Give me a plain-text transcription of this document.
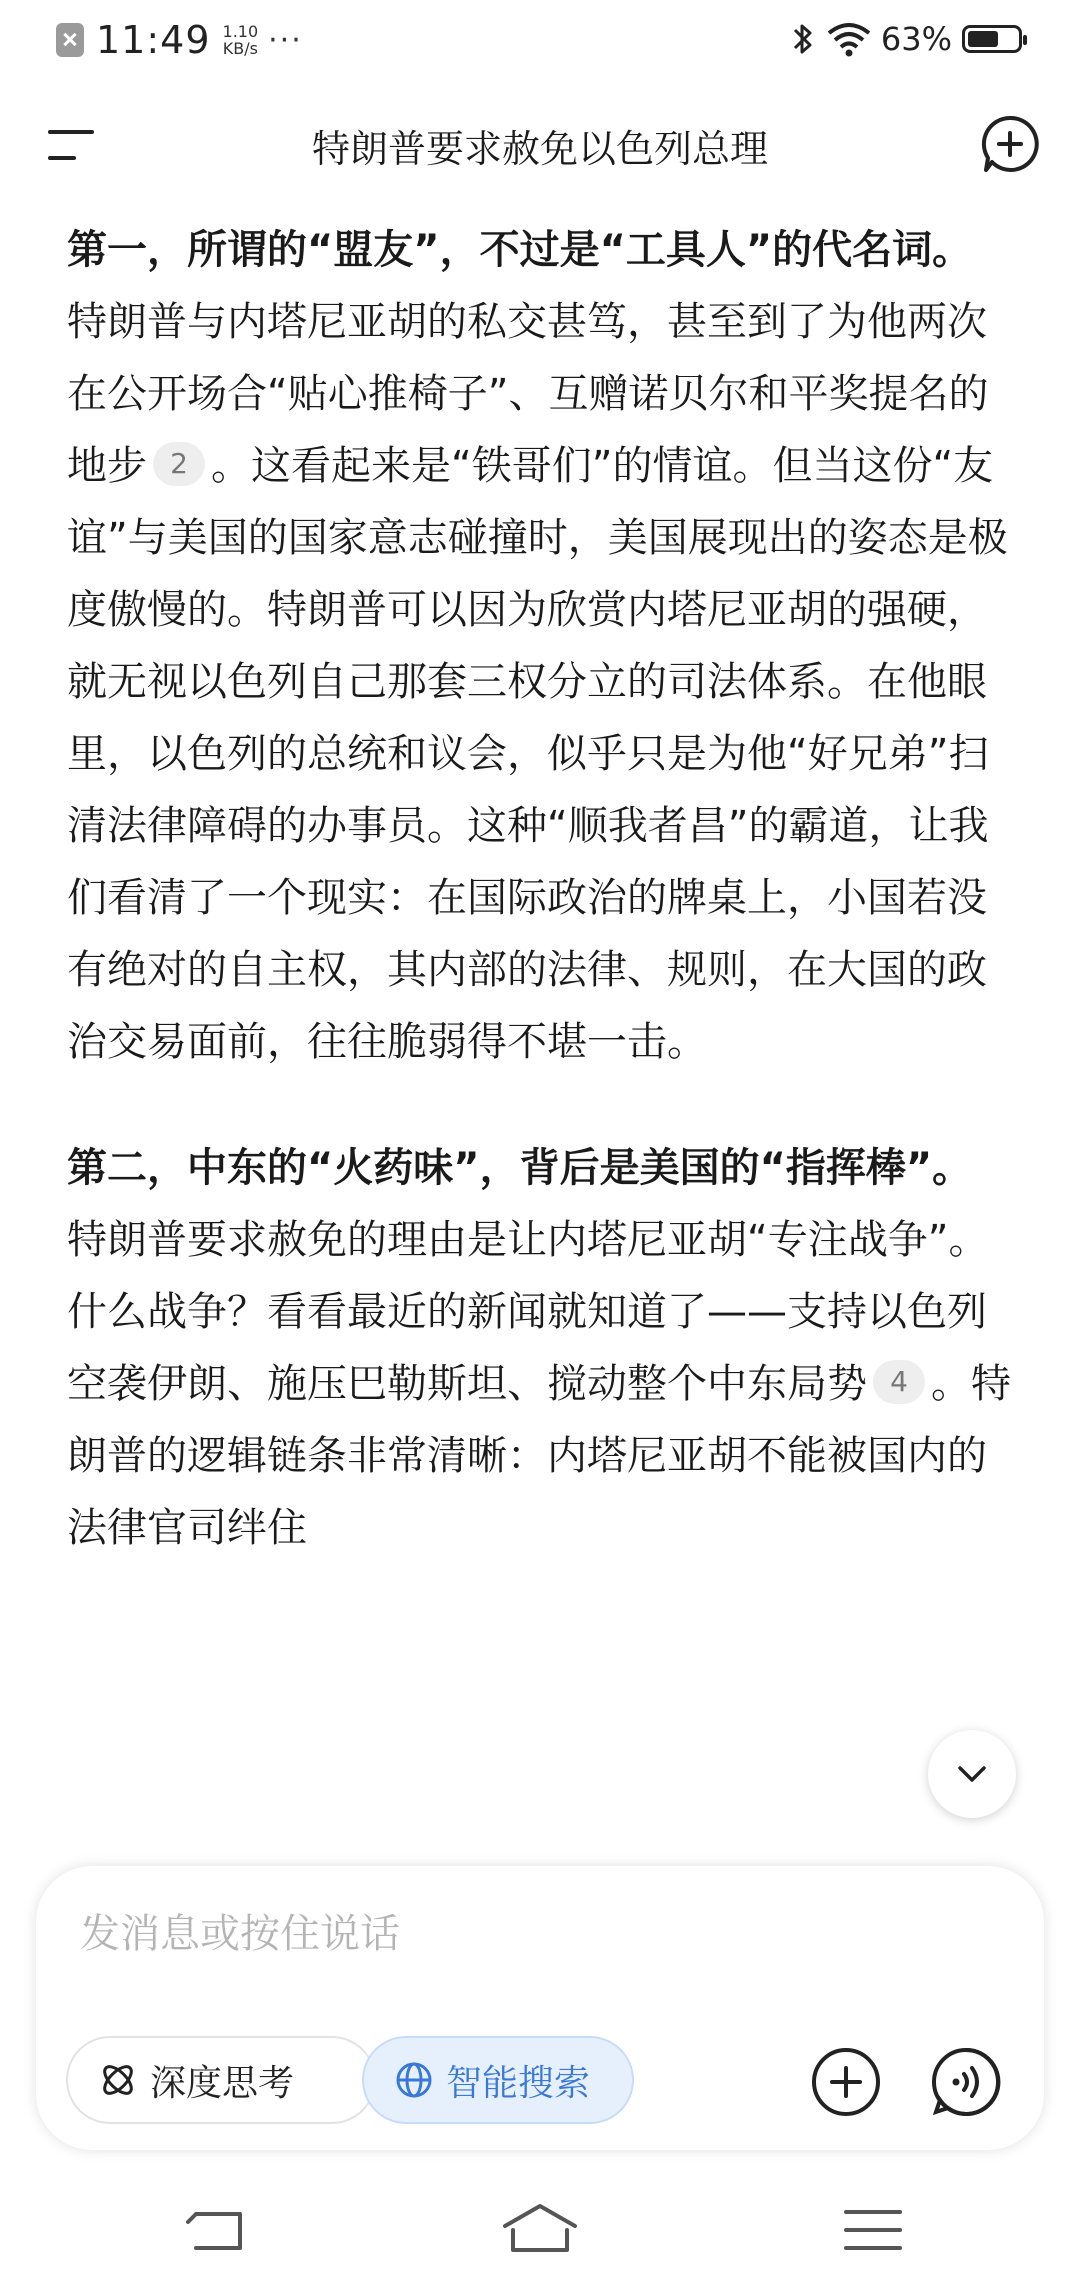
11:49 1.10
KB/s ···	63%
特朗普要求赦免以色列总理

第一，所谓的“盟友”，不过是“工具人”的代名词。

特朗普与内塔尼亚胡的私交甚笃，甚至到了为他两次在公开场合“贴心推椅子”、互赠诺贝尔和平奖提名的地步 2 。这看起来是“铁哥们”的情谊。但当这份“友谊”与美国的国家意志碰撞时，美国展现出的姿态是极度傲慢的。特朗普可以因为欣赏内塔尼亚胡的强硬，就无视以色列自己那套三权分立的司法体系。在他眼里，以色列的总统和议会，似乎只是为他“好兄弟”扫清法律障碍的办事员。这种“顺我者昌”的霸道，让我们看清了一个现实：在国际政治的牌桌上，小国若没有绝对的自主权，其内部的法律、规则，在大国的政治交易面前，往往脆弱得不堪一击。

第二，中东的“火药味”，背后是美国的“指挥棒”。

特朗普要求赦免的理由是让内塔尼亚胡“专注战争”。什么战争？看看最近的新闻就知道了——支持以色列空袭伊朗、施压巴勒斯坦、搅动整个中东局势 4 。特朗普的逻辑链条非常清晰：内塔尼亚胡不能被国内的法律官司绊住

发消息或按住说话
深度思考	智能搜索
